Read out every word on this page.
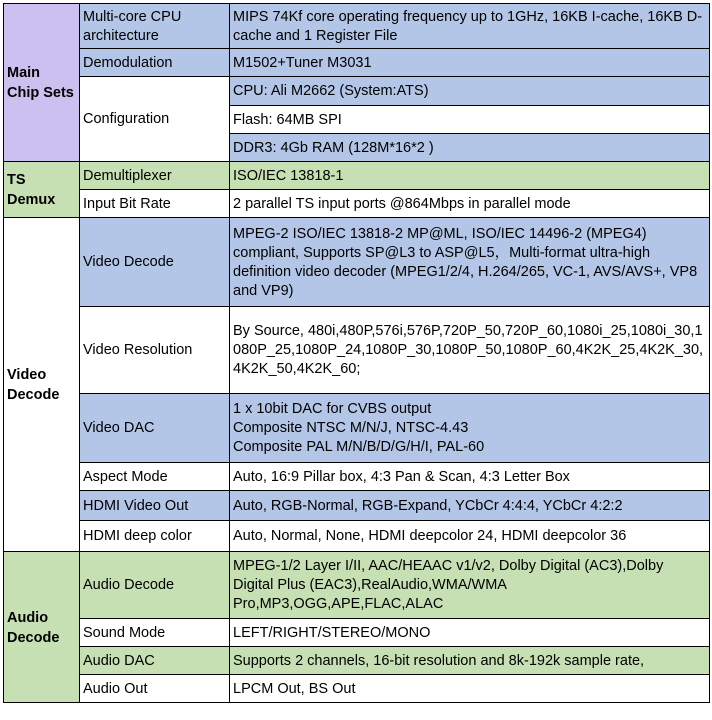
Main Chip Sets	Multi-core CPU architecture	MIPS 74Kf core operating frequency up to 1GHz, 16KB I-cache, 16KB D-cache and 1 Register File
	Demodulation	M1502+Tuner M3031
	Configuration	CPU: Ali M2662 (System:ATS)
		Flash: 64MB SPI
		DDR3: 4Gb RAM (128M*16*2 )
TS Demux	Demultiplexer	ISO/IEC 13818-1
	Input Bit Rate	2 parallel TS input ports @864Mbps in parallel mode
Video Decode	Video Decode	MPEG-2 ISO/IEC 13818-2 MP@ML, ISO/IEC 14496-2 (MPEG4) compliant, Supports SP@L3 to ASP@L5，Multi-format ultra-high definition video decoder (MPEG1/2/4, H.264/265, VC-1, AVS/AVS+, VP8 and VP9)
	Video Resolution	By Source, 480i,480P,576i,576P,720P_50,720P_60,1080i_25,1080i_30,1080P_25,1080P_24,1080P_30,1080P_50,1080P_60,4K2K_25,4K2K_30,4K2K_50,4K2K_60;
	Video DAC	1 x 10bit DAC for CVBS output
Composite NTSC M/N/J, NTSC-4.43
Composite PAL M/N/B/D/G/H/I, PAL-60

	Aspect Mode	Auto, 16:9 Pillar box, 4:3 Pan & Scan, 4:3 Letter Box
	HDMI Video Out	Auto, RGB-Normal, RGB-Expand, YCbCr 4:4:4, YCbCr 4:2:2
	HDMI deep color	Auto, Normal, None, HDMI deepcolor 24, HDMI deepcolor 36
Audio Decode	Audio Decode	MPEG-1/2 Layer I/II, AAC/HEAAC v1/v2, Dolby Digital (AC3),Dolby Digital Plus (EAC3),RealAudio,WMA/WMA Pro,MP3,OGG,APE,FLAC,ALAC
	Sound Mode	LEFT/RIGHT/STEREO/MONO
	Audio DAC	Supports 2 channels, 16-bit resolution and 8k-192k sample rate,
	Audio Out	LPCM Out, BS Out
